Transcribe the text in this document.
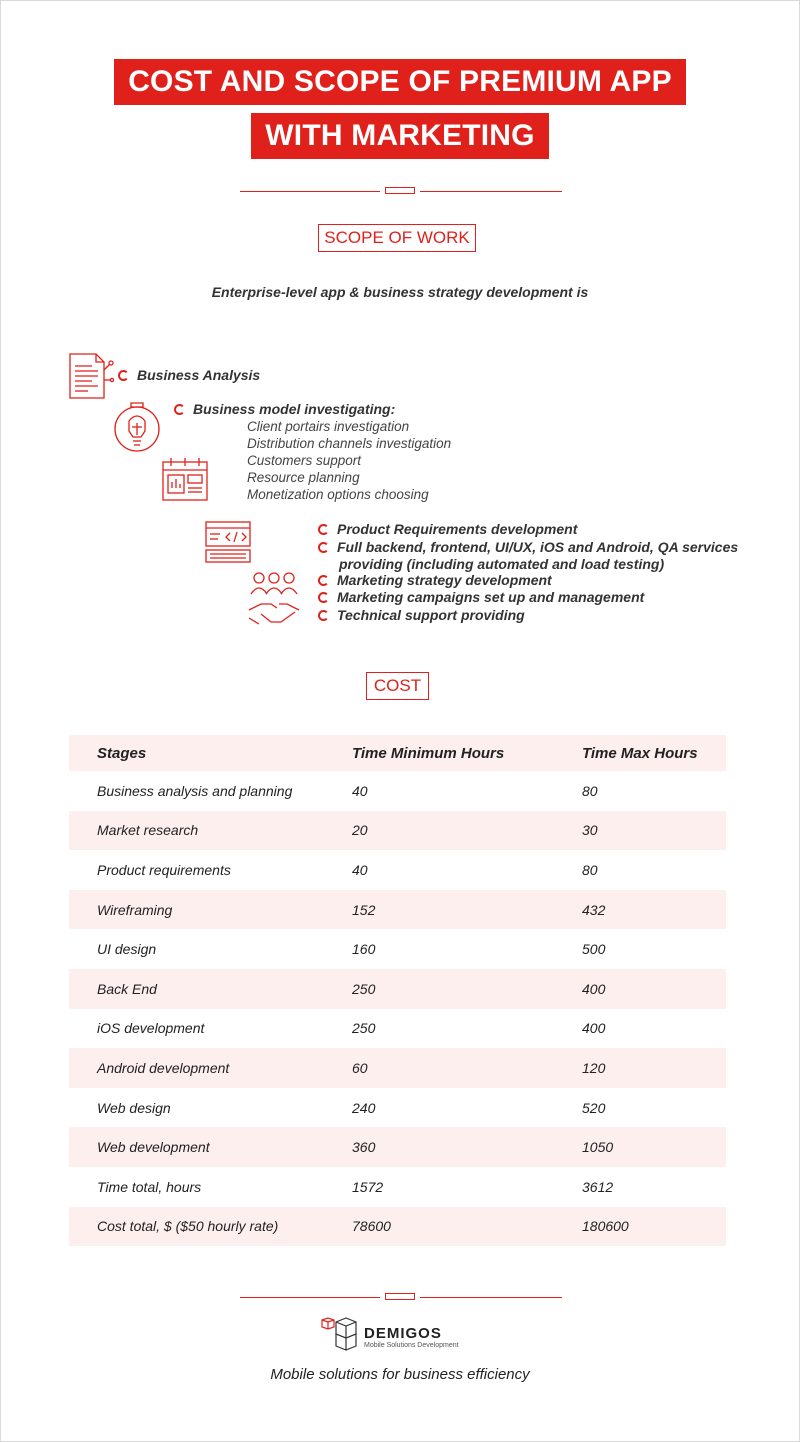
COST AND SCOPE OF PREMIUM APP
WITH MARKETING
SCOPE OF WORK
Enterprise-level app & business strategy development is
Business Analysis
Business model investigating:
Client portairs investigation
Distribution channels investigation
Customers support
Resource planning
Monetization options choosing
Product Requirements development
Full backend, frontend, UI/UX, iOS and Android, QA services
providing (including automated and load testing)
Marketing strategy development
Marketing campaigns set up and management
Technical support providing
COST
Stages	Time Minimum Hours	Time Max Hours
Business analysis and planning	40	80
Market research	20	30
Product requirements	40	80
Wireframing	152	432
UI design	160	500
Back End	250	400
iOS development	250	400
Android development	60	120
Web design	240	520
Web development	360	1050
Time total, hours	1572	3612
Cost total, $ ($50 hourly rate)	78600	180600
DEMIGOS
Mobile Solutions Development
Mobile solutions for business efficiency
